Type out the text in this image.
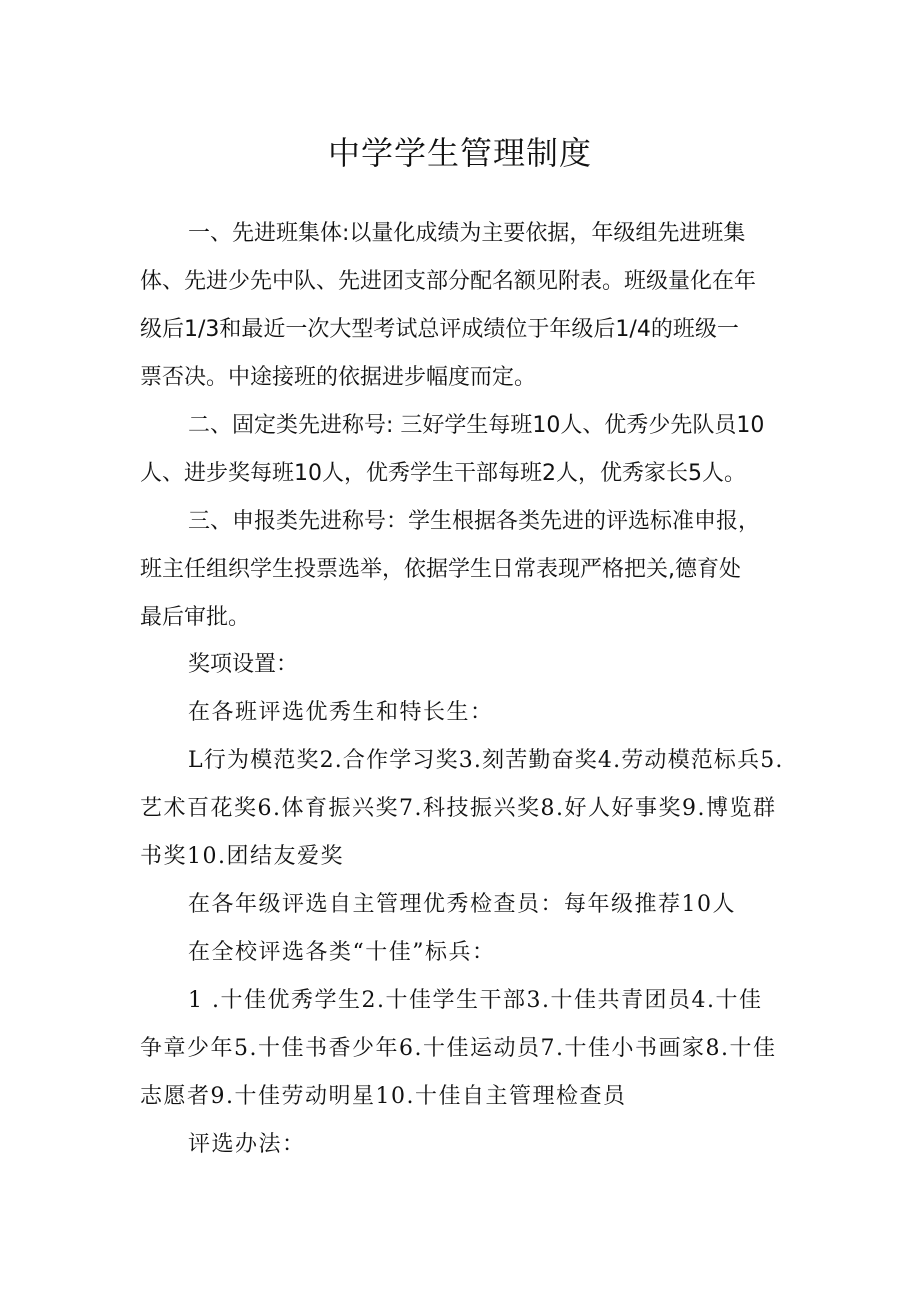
中学学生管理制度
一、先进班集体:以量化成绩为主要依据，年级组先进班集
体、先进少先中队、先进团支部分配名额见附表。班级量化在年
级后1/3和最近一次大型考试总评成绩位于年级后1/4的班级一
票否决。中途接班的依据进步幅度而定。
二、固定类先进称号: 三好学生每班10人、优秀少先队员10
人、进步奖每班10人，优秀学生干部每班2人，优秀家长5人。
三、申报类先进称号：学生根据各类先进的评选标准申报，
班主任组织学生投票选举，依据学生日常表现严格把关,德育处
最后审批。
奖项设置：
在各班评选优秀生和特长生：
L行为模范奖2.合作学习奖3.刻苦勤奋奖4.劳动模范标兵5.
艺术百花奖6.体育振兴奖7.科技振兴奖8.好人好事奖9.博览群
书奖10.团结友爱奖
在各年级评选自主管理优秀检查员：每年级推荐10人
在全校评选各类“十佳”标兵：
1 .十佳优秀学生2.十佳学生干部3.十佳共青团员4.十佳
争章少年5.十佳书香少年6.十佳运动员7.十佳小书画家8.十佳
志愿者9.十佳劳动明星10.十佳自主管理检查员
评选办法：
